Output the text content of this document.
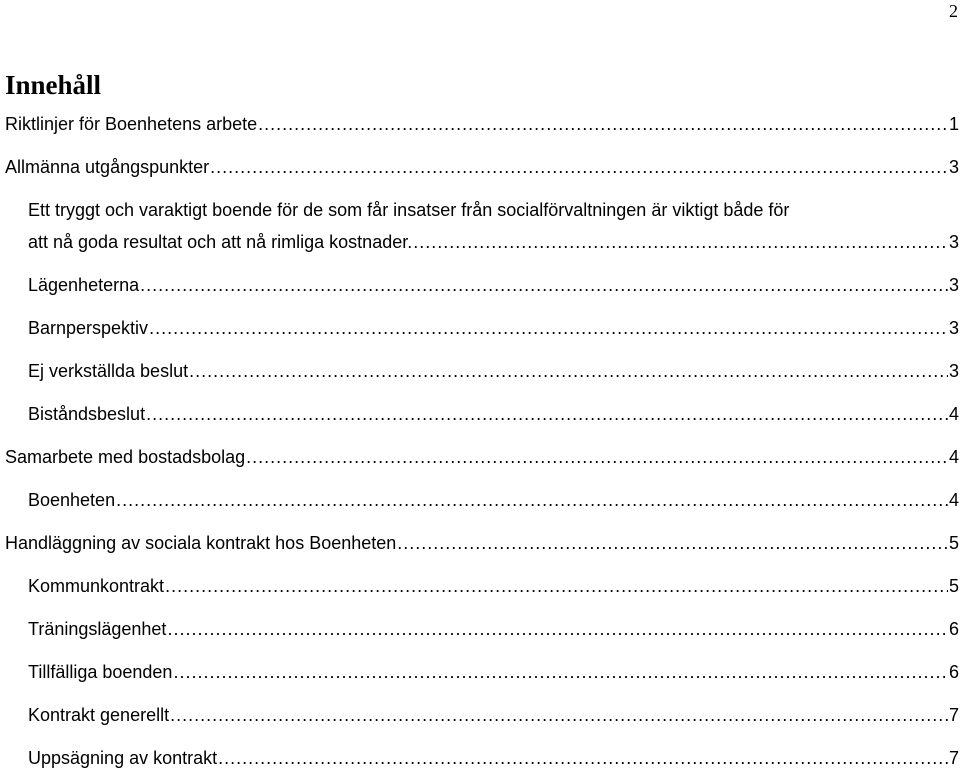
2
Innehåll
Riktlinjer för Boenhetens arbete .....	1
Allmänna utgångspunkter .....	3
Ett tryggt och varaktigt boende för de som får insatser från socialförvaltningen är viktigt både för
att nå goda resultat och att nå rimliga kostnader. .....	3
Lägenheterna .....	3
Barnperspektiv .....	3
Ej verkställda beslut .....	3
Biståndsbeslut .....	4
Samarbete med bostadsbolag .....	4
Boenheten .....	4
Handläggning av sociala kontrakt hos Boenheten .....	5
Kommunkontrakt .....	5
Träningslägenhet .....	6
Tillfälliga boenden .....	6
Kontrakt generellt .....	7
Uppsägning av kontrakt .....	7
